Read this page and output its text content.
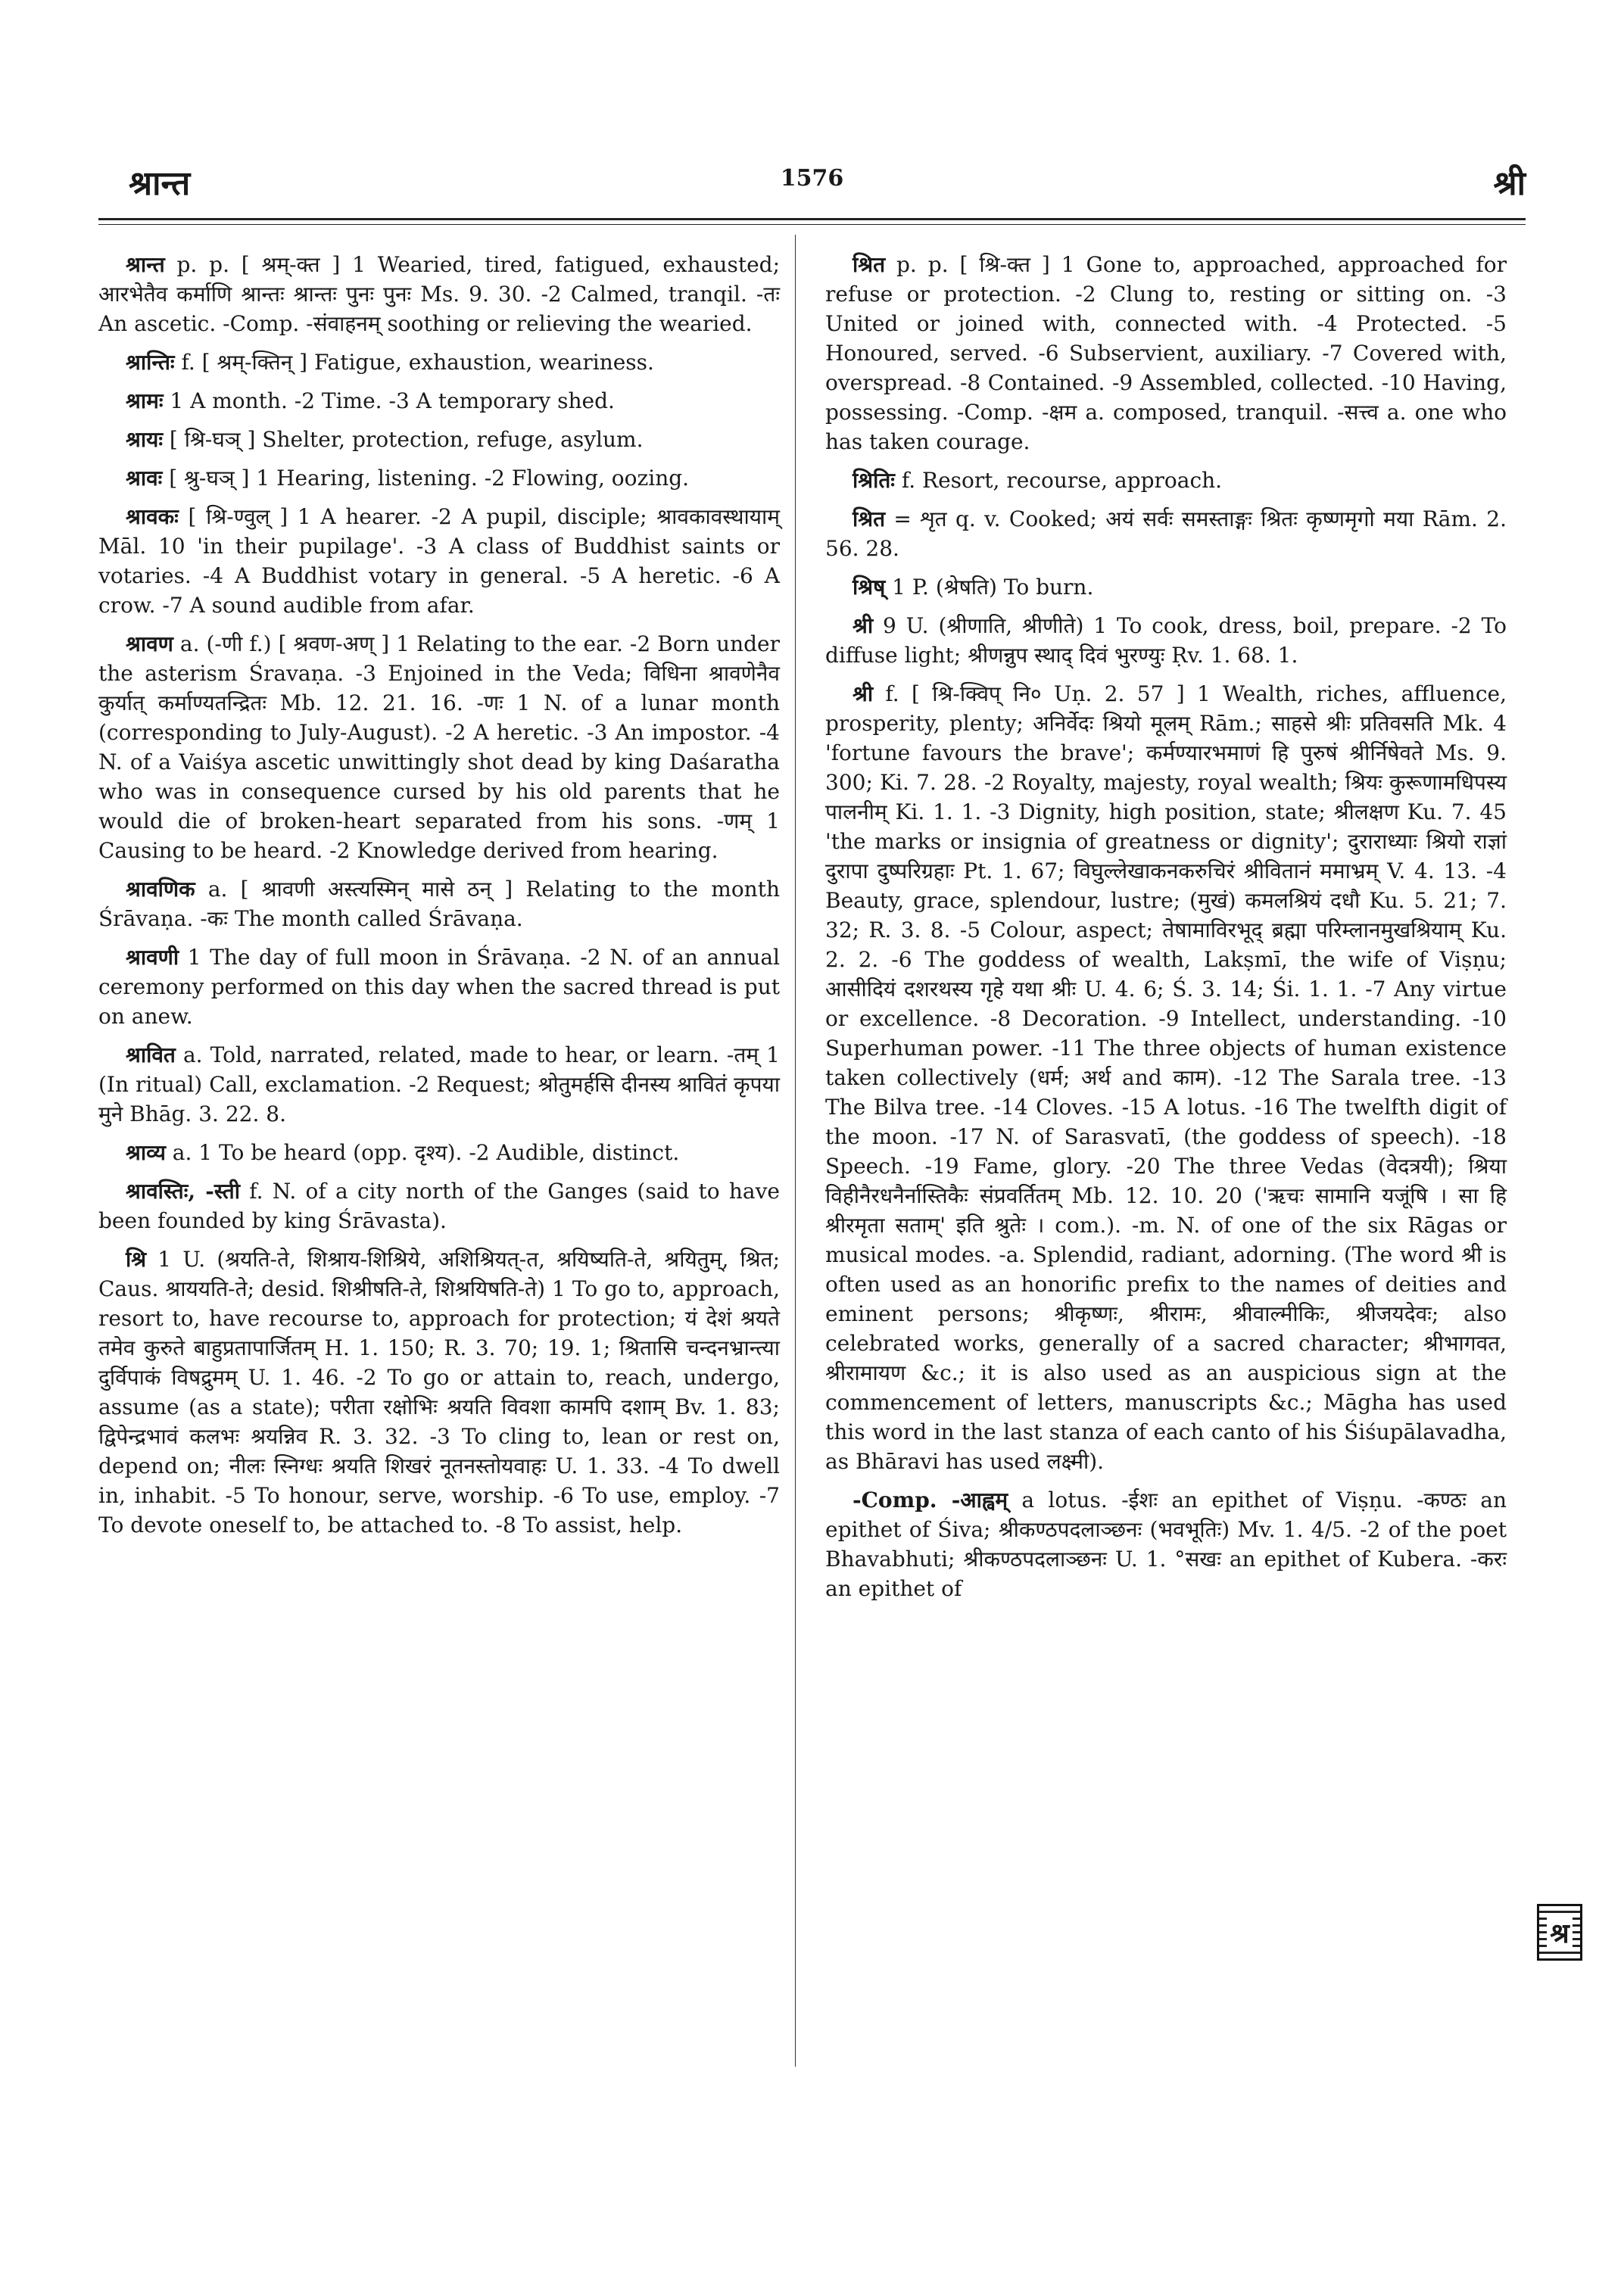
श्रान्त	1576	श्री

श्रान्त p. p. [ श्रम्-क्त ] 1 Wearied, tired, fatigued, exhausted; आरभेतैव कर्माणि श्रान्तः श्रान्तः पुनः पुनः Ms. 9. 30. -2 Calmed, tranqil. -तः An ascetic. -Comp. -संवाहनम् soothing or relieving the wearied.

श्रान्तिः f. [ श्रम्-क्तिन् ] Fatigue, exhaustion, weariness.

श्रामः 1 A month. -2 Time. -3 A temporary shed.

श्रायः [ श्रि-घञ् ] Shelter, protection, refuge, asylum.

श्रावः [ श्रु-घञ् ] 1 Hearing, listening. -2 Flowing, oozing.

श्रावकः [ श्रि-ण्वुल् ] 1 A hearer. -2 A pupil, disciple; श्रावकावस्थायाम् Māl. 10 'in their pupilage'. -3 A class of Buddhist saints or votaries. -4 A Buddhist votary in general. -5 A heretic. -6 A crow. -7 A sound audible from afar.

श्रावण a. (-णी f.) [ श्रवण-अण् ] 1 Relating to the ear. -2 Born under the asterism Śravaṇa. -3 Enjoined in the Veda; विधिना श्रावणेनैव कुर्यात् कर्माण्यतन्द्रितः Mb. 12. 21. 16. -णः 1 N. of a lunar month (corresponding to July-August). -2 A heretic. -3 An impostor. -4 N. of a Vaiśya ascetic unwittingly shot dead by king Daśaratha who was in consequence cursed by his old parents that he would die of broken-heart separated from his sons. -णम् 1 Causing to be heard. -2 Knowledge derived from hearing.

श्रावणिक a. [ श्रावणी अस्त्यस्मिन् मासे ठन् ] Relating to the month Śrāvaṇa. -कः The month called Śrāvaṇa.

श्रावणी 1 The day of full moon in Śrāvaṇa. -2 N. of an annual ceremony performed on this day when the sacred thread is put on anew.

श्रावित a. Told, narrated, related, made to hear, or learn. -तम् 1 (In ritual) Call, exclamation. -2 Request; श्रोतुमर्हसि दीनस्य श्रावितं कृपया मुने Bhāg. 3. 22. 8.

श्राव्य a. 1 To be heard (opp. दृश्य). -2 Audible, distinct.

श्रावस्तिः, -स्ती f. N. of a city north of the Ganges (said to have been founded by king Śrāvasta).

श्रि 1 U. (श्रयति-ते, शिश्राय-शिश्रिये, अशिश्रियत्-त, श्रयिष्यति-ते, श्रयितुम्, श्रित; Caus. श्राययति-ते; desid. शिश्रीषति-ते, शिश्रयिषति-ते) 1 To go to, approach, resort to, have recourse to, approach for protection; यं देशं श्रयते तमेव कुरुते बाहुप्रतापार्जितम् H. 1. 150; R. 3. 70; 19. 1; श्रितासि चन्दनभ्रान्त्या दुर्विपाकं विषद्रुमम् U. 1. 46. -2 To go or attain to, reach, undergo, assume (as a state); परीता रक्षोभिः श्रयति विवशा कामपि दशाम् Bv. 1. 83; द्विपेन्द्रभावं कलभः श्रयन्निव R. 3. 32. -3 To cling to, lean or rest on, depend on; नीलः स्निग्धः श्रयति शिखरं नूतनस्तोयवाहः U. 1. 33. -4 To dwell in, inhabit. -5 To honour, serve, worship. -6 To use, employ. -7 To devote oneself to, be attached to. -8 To assist, help.

श्रित p. p. [ श्रि-क्त ] 1 Gone to, approached, approached for refuse or protection. -2 Clung to, resting or sitting on. -3 United or joined with, connected with. -4 Protected. -5 Honoured, served. -6 Subservient, auxiliary. -7 Covered with, overspread. -8 Contained. -9 Assembled, collected. -10 Having, possessing. -Comp. -क्षम a. composed, tranquil. -सत्त्व a. one who has taken courage.

श्रितिः f. Resort, recourse, approach.

श्रित = शृत q. v. Cooked; अयं सर्वः समस्ताङ्गः श्रितः कृष्णमृगो मया Rām. 2. 56. 28.

श्रिष् 1 P. (श्रेषति) To burn.

श्री 9 U. (श्रीणाति, श्रीणीते) 1 To cook, dress, boil, prepare. -2 To diffuse light; श्रीणन्नुप स्थाद् दिवं भुरण्युः Ṛv. 1. 68. 1.

श्री f. [ श्रि-क्विप् नि० Uṇ. 2. 57 ] 1 Wealth, riches, affluence, prosperity, plenty; अनिर्वेदः श्रियो मूलम् Rām.; साहसे श्रीः प्रतिवसति Mk. 4 'fortune favours the brave'; कर्मण्यारभमाणं हि पुरुषं श्रीर्निषेवते Ms. 9. 300; Ki. 7. 28. -2 Royalty, majesty, royal wealth; श्रियः कुरूणामधिपस्य पालनीम् Ki. 1. 1. -3 Dignity, high position, state; श्रीलक्षण Ku. 7. 45 'the marks or insignia of greatness or dignity'; दुराराध्याः श्रियो राज्ञां दुरापा दुष्परिग्रहाः Pt. 1. 67; विघुल्लेखाकनकरुचिरं श्रीवितानं ममाभ्रम् V. 4. 13. -4 Beauty, grace, splendour, lustre; (मुखं) कमलश्रियं दधौ Ku. 5. 21; 7. 32; R. 3. 8. -5 Colour, aspect; तेषामाविरभूद् ब्रह्मा परिम्लानमुखश्रियाम् Ku. 2. 2. -6 The goddess of wealth, Lakṣmī, the wife of Viṣṇu; आसीदियं दशरथस्य गृहे यथा श्रीः U. 4. 6; Ś. 3. 14; Śi. 1. 1. -7 Any virtue or excellence. -8 Decoration. -9 Intellect, understanding. -10 Superhuman power. -11 The three objects of human existence taken collectively (धर्म; अर्थ and काम). -12 The Sarala tree. -13 The Bilva tree. -14 Cloves. -15 A lotus. -16 The twelfth digit of the moon. -17 N. of Sarasvatī, (the goddess of speech). -18 Speech. -19 Fame, glory. -20 The three Vedas (वेदत्रयी); श्रिया विहीनैरधनैर्नास्तिकैः संप्रवर्तितम् Mb. 12. 10. 20 ('ऋचः सामानि यजूंषि । सा हि श्रीरमृता सताम्' इति श्रुतेः । com.). -m. N. of one of the six Rāgas or musical modes. -a. Splendid, radiant, adorning. (The word श्री is often used as an honorific prefix to the names of deities and eminent persons; श्रीकृष्णः, श्रीरामः, श्रीवाल्मीकिः, श्रीजयदेवः; also celebrated works, generally of a sacred character; श्रीभागवत, श्रीरामायण &c.; it is also used as an auspicious sign at the commencement of letters, manuscripts &c.; Māgha has used this word in the last stanza of each canto of his Śiśupālavadha, as Bhāravi has used लक्ष्मी).

-Comp. -आह्वम् a lotus. -ईशः an epithet of Viṣṇu. -कण्ठः an epithet of Śiva; श्रीकण्ठपदलाञ्छनः (भवभूतिः) Mv. 1. 4/5. -2 of the poet Bhavabhuti; श्रीकण्ठपदलाञ्छनः U. 1. °सखः an epithet of Kubera. -करः an epithet of

श्र
